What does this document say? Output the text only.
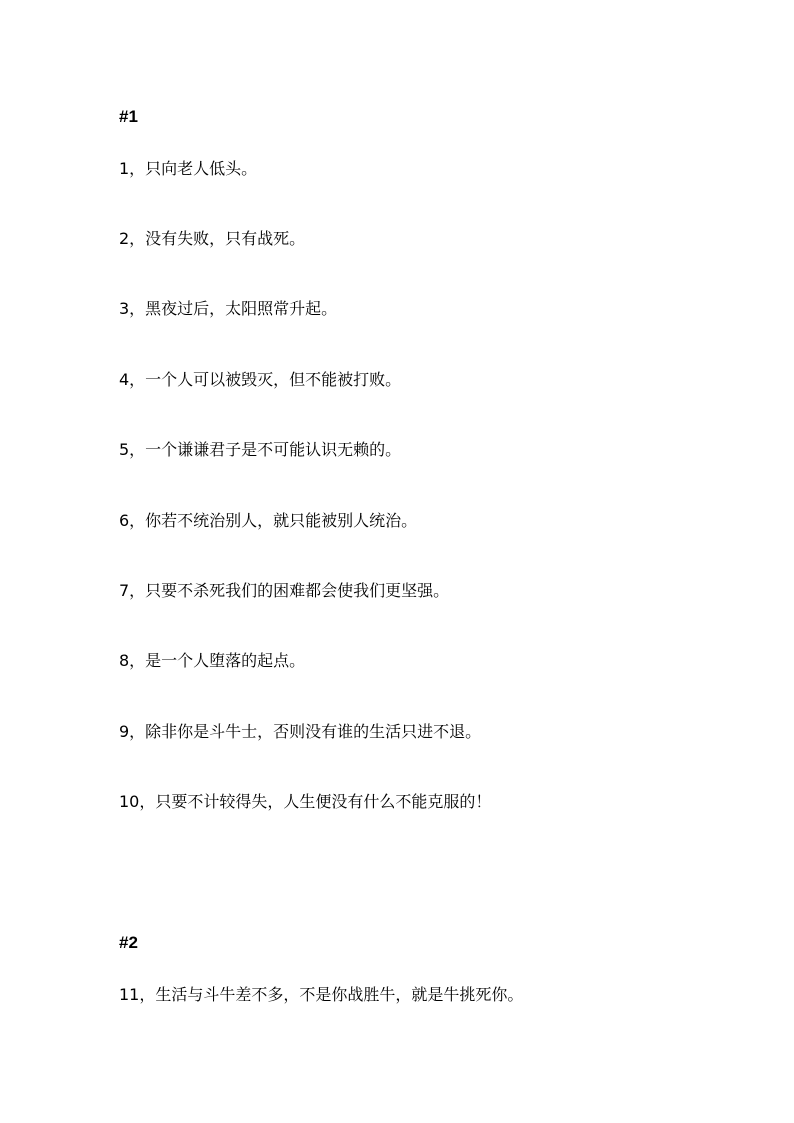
#1

1，只向老人低头。

2，没有失败，只有战死。

3，黑夜过后，太阳照常升起。

4，一个人可以被毁灭，但不能被打败。

5，一个谦谦君子是不可能认识无赖的。

6，你若不统治别人，就只能被别人统治。

7，只要不杀死我们的困难都会使我们更坚强。

8，是一个人堕落的起点。

9，除非你是斗牛士，否则没有谁的生活只进不退。

10，只要不计较得失，人生便没有什么不能克服的！

#2

11，生活与斗牛差不多，不是你战胜牛，就是牛挑死你。
